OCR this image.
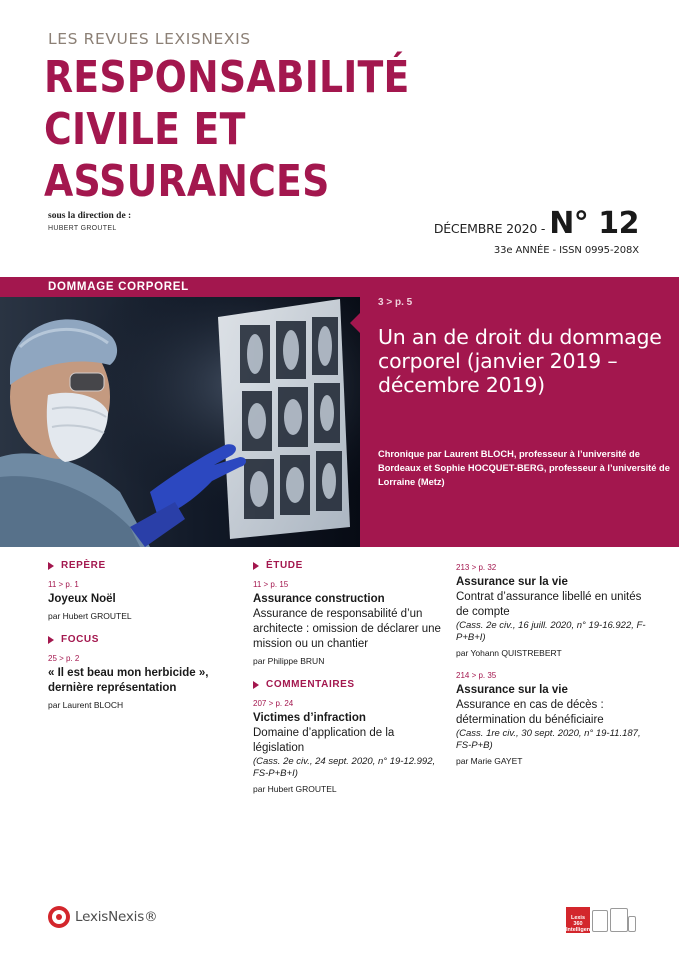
LES REVUES LEXISNEXIS
RESPONSABILITÉ
CIVILE ET
ASSURANCES
sous la direction de :
HUBERT GROUTEL	DÉCEMBRE 2020 - N° 12
33e ANNÉE - ISSN 0995-208X
DOMMAGE CORPOREL
3 > p. 5
Un an de droit du dommage corporel (janvier 2019 – décembre 2019)
Chronique par Laurent BLOCH, professeur à l’université de Bordeaux et Sophie HOCQUET-BERG, professeur à l’université de Lorraine (Metz)
REPÈRE
11 > p. 1
Joyeux Noël
par Hubert GROUTEL
FOCUS
25 > p. 2
« Il est beau mon herbicide », dernière représentation
par Laurent BLOCH
ÉTUDE
11 > p. 15
Assurance construction
Assurance de responsabilité d’un architecte : omission de déclarer une mission ou un chantier
par Philippe BRUN
COMMENTAIRES
207 > p. 24
Victimes d’infraction
Domaine d’application de la législation
(Cass. 2e civ., 24 sept. 2020, n° 19-12.992, FS-P+B+I)
par Hubert GROUTEL
213 > p. 32
Assurance sur la vie
Contrat d’assurance libellé en unités de compte
(Cass. 2e civ., 16 juill. 2020, n° 19-16.922, F-P+B+I)
par Yohann QUISTREBERT
214 > p. 35
Assurance sur la vie
Assurance en cas de décès : détermination du bénéficiaire
(Cass. 1re civ., 30 sept. 2020, n° 19-11.187, FS-P+B)
par Marie GAYET
LexisNexis®	Lexis 360 Intelligence
